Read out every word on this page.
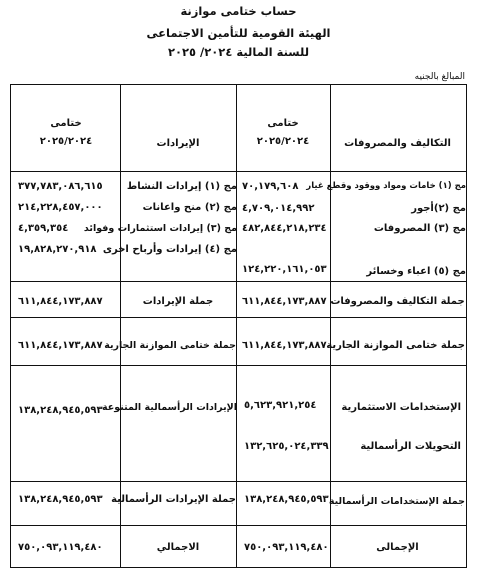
حساب ختامى موازنة
الهيئة القومية للتأمين الاجتماعى
للسنة المالية ٢٠٢٤/ ٢٠٢٥
المبالغ بالجنيه
التكاليف والمصروفات
ختامى
٢٠٢٥/٢٠٢٤
الإيرادات
ختامى
٢٠٢٥/٢٠٢٤
مج (١) خامات ومواد ووقود وقطع غيار
٧٠,١٧٩,٦٠٨
مج (٢)أجور
٤,٧٠٩,٠١٤,٩٩٢
مج (٣) المصروفات
٤٨٢,٨٤٤,٢١٨,٢٣٤
مج (٥) اعباء وخسائر
١٢٤,٢٢٠,١٦١,٠٥٣
مج (١) إيرادات النشاط
٣٧٧,٧٨٣,٠٨٦,٦١٥
مج (٢) منح واعانات
٢١٤,٢٢٨,٤٥٧,٠٠٠
مج (٣) إيرادات استثمارات وفوائد
٤,٣٥٩,٣٥٤
مج (٤) إيرادات وأرباح اخرى
١٩,٨٢٨,٢٧٠,٩١٨
جملة التكاليف والمصروفات
٦١١,٨٤٤,١٧٣,٨٨٧
جملة الإيرادات
٦١١,٨٤٤,١٧٣,٨٨٧
جملة ختامى الموازنة الجارية
٦١١,٨٤٤,١٧٣,٨٨٧
جملة ختامى الموازنة الجارية
٦١١,٨٤٤,١٧٣,٨٨٧
الإستخدامات الاستثمارية
٥,٦٢٣,٩٢١,٢٥٤
التحويلات الرأسمالية
١٣٢,٦٢٥,٠٢٤,٣٣٩
الإيرادات الرأسمالية المتنوعة
١٣٨,٢٤٨,٩٤٥,٥٩٣
جملة الإستخدامات الرأسمالية
١٣٨,٢٤٨,٩٤٥,٥٩٣
جملة الإيرادات الرأسمالية
١٣٨,٢٤٨,٩٤٥,٥٩٣
الإجمالى
٧٥٠,٠٩٣,١١٩,٤٨٠
الاجمالي
٧٥٠,٠٩٣,١١٩,٤٨٠
